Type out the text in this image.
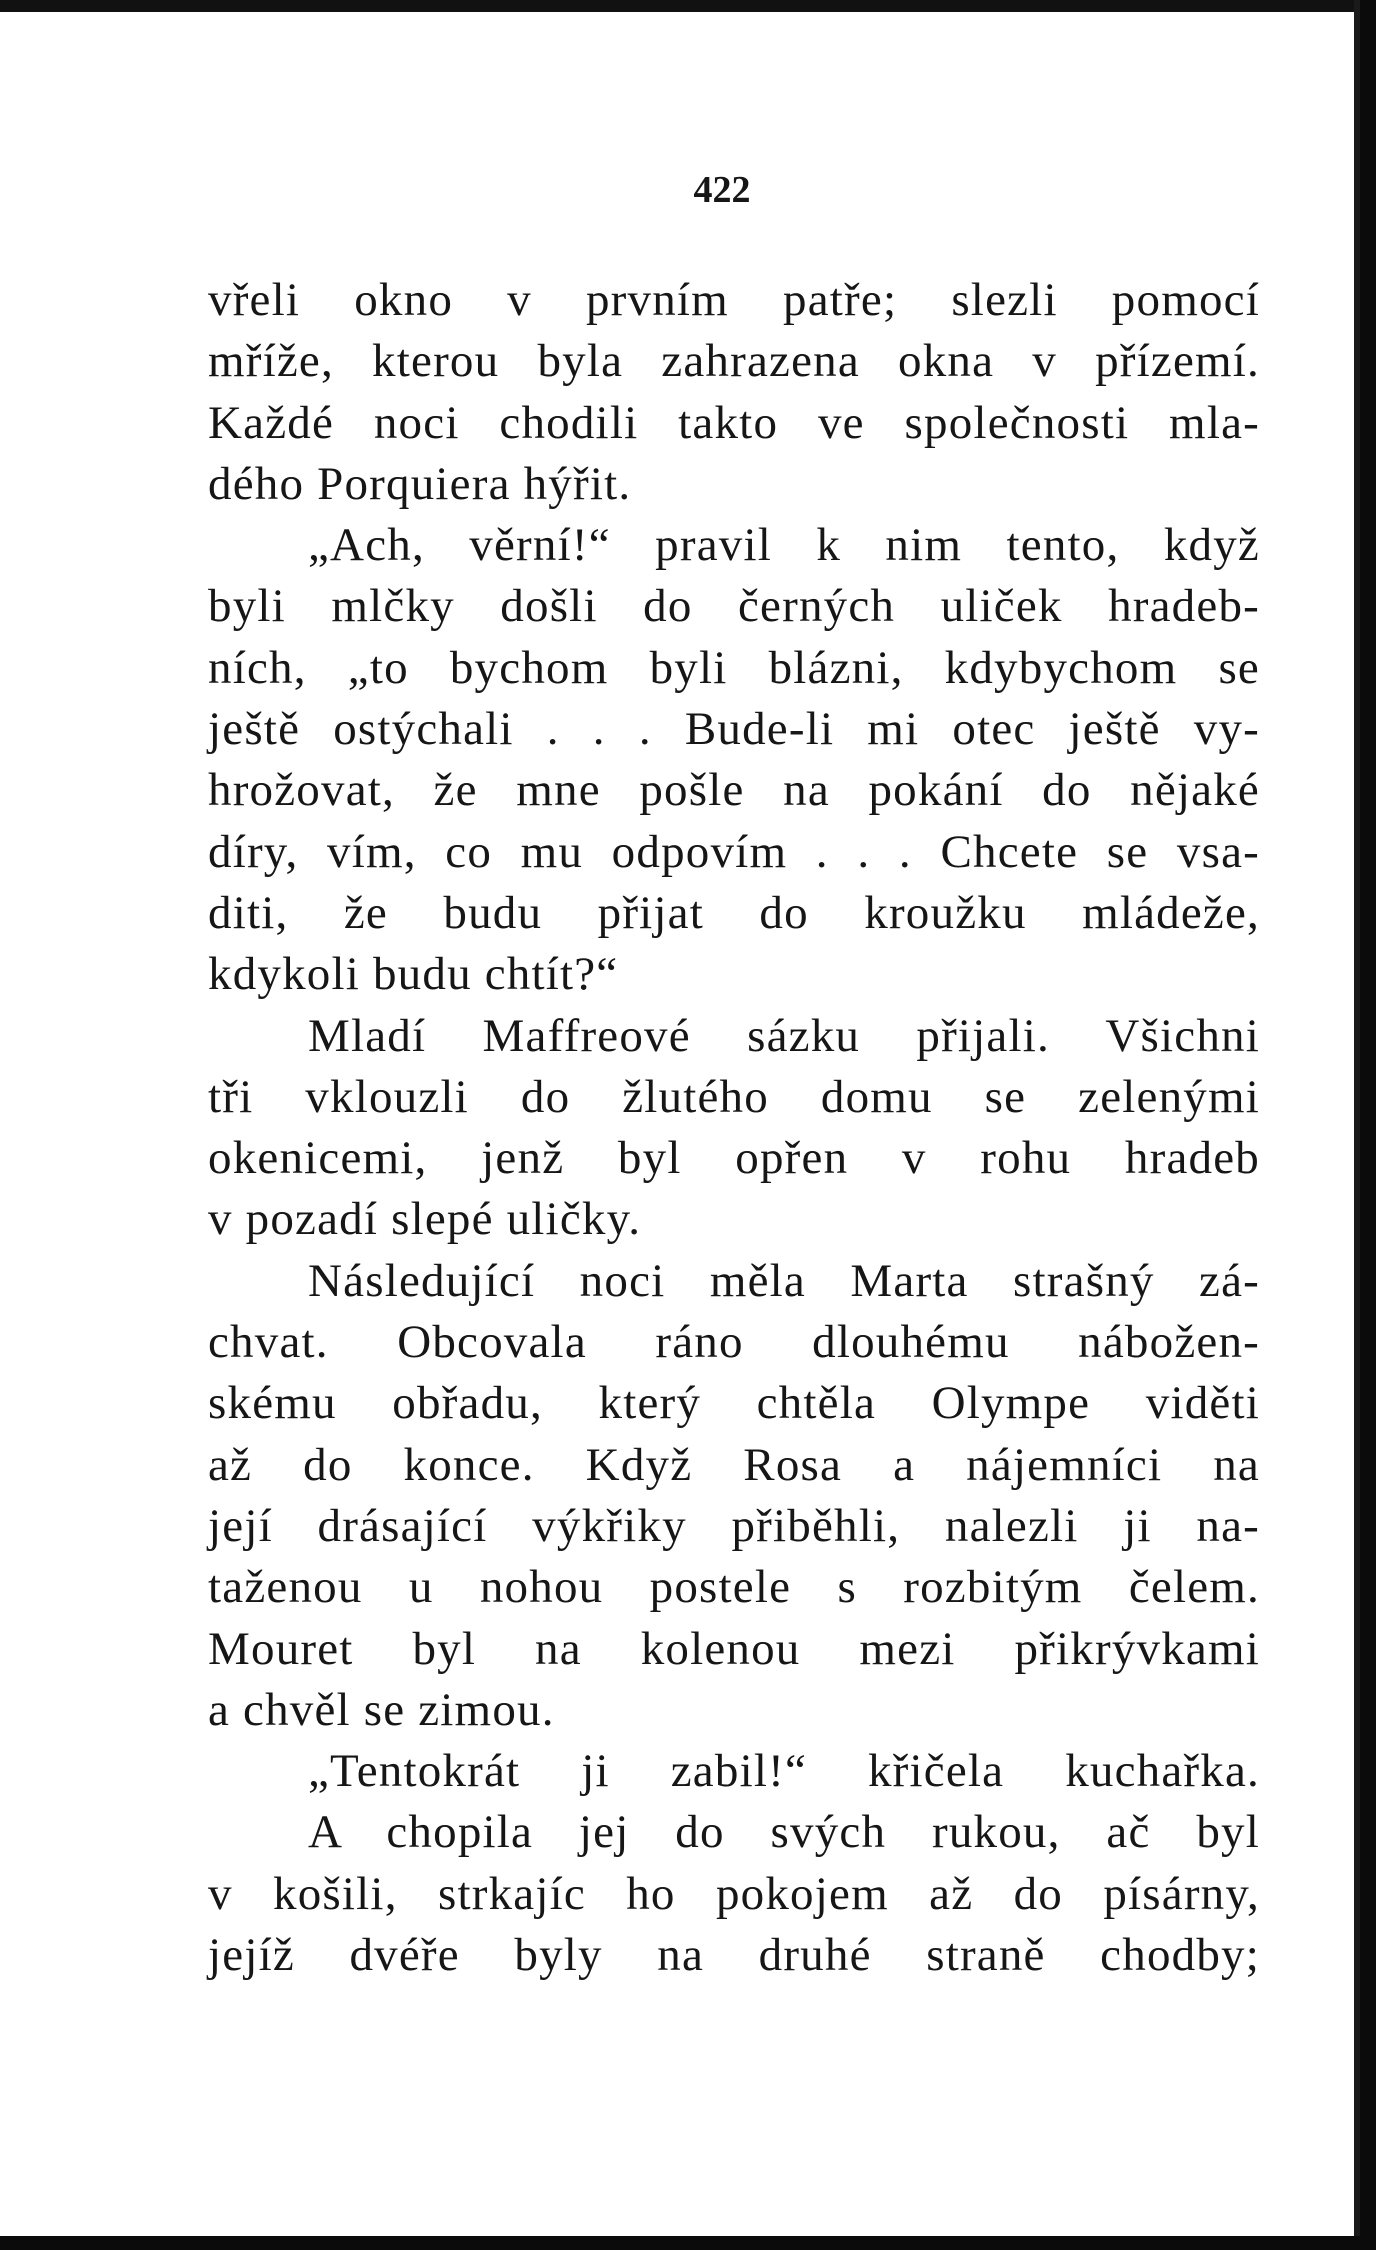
422
vřeli okno v prvním patře; slezli pomocí
mříže, kterou byla zahrazena okna v přízemí.
Každé noci chodili takto ve společnosti mla-
dého Porquiera hýřit.
„Ach, věrní!“ pravil k nim tento, když
byli mlčky došli do černých uliček hradeb-
ních, „to bychom byli blázni, kdybychom se
ještě ostýchali . . . Bude-li mi otec ještě vy-
hrožovat, že mne pošle na pokání do nějaké
díry, vím, co mu odpovím . . . Chcete se vsa-
diti, že budu přijat do kroužku mládeže,
kdykoli budu chtít?“
Mladí Maffreové sázku přijali. Všichni
tři vklouzli do žlutého domu se zelenými
okenicemi, jenž byl opřen v rohu hradeb
v pozadí slepé uličky.
Následující noci měla Marta strašný zá-
chvat. Obcovala ráno dlouhému nábožen-
skému obřadu, který chtěla Olympe viděti
až do konce. Když Rosa a nájemníci na
její drásající výkřiky přiběhli, nalezli ji na-
taženou u nohou postele s rozbitým čelem.
Mouret byl na kolenou mezi přikrývkami
a chvěl se zimou.
„Tentokrát ji zabil!“ křičela kuchařka.
A chopila jej do svých rukou, ač byl
v košili, strkajíc ho pokojem až do písárny,
jejíž dvéře byly na druhé straně chodby;
